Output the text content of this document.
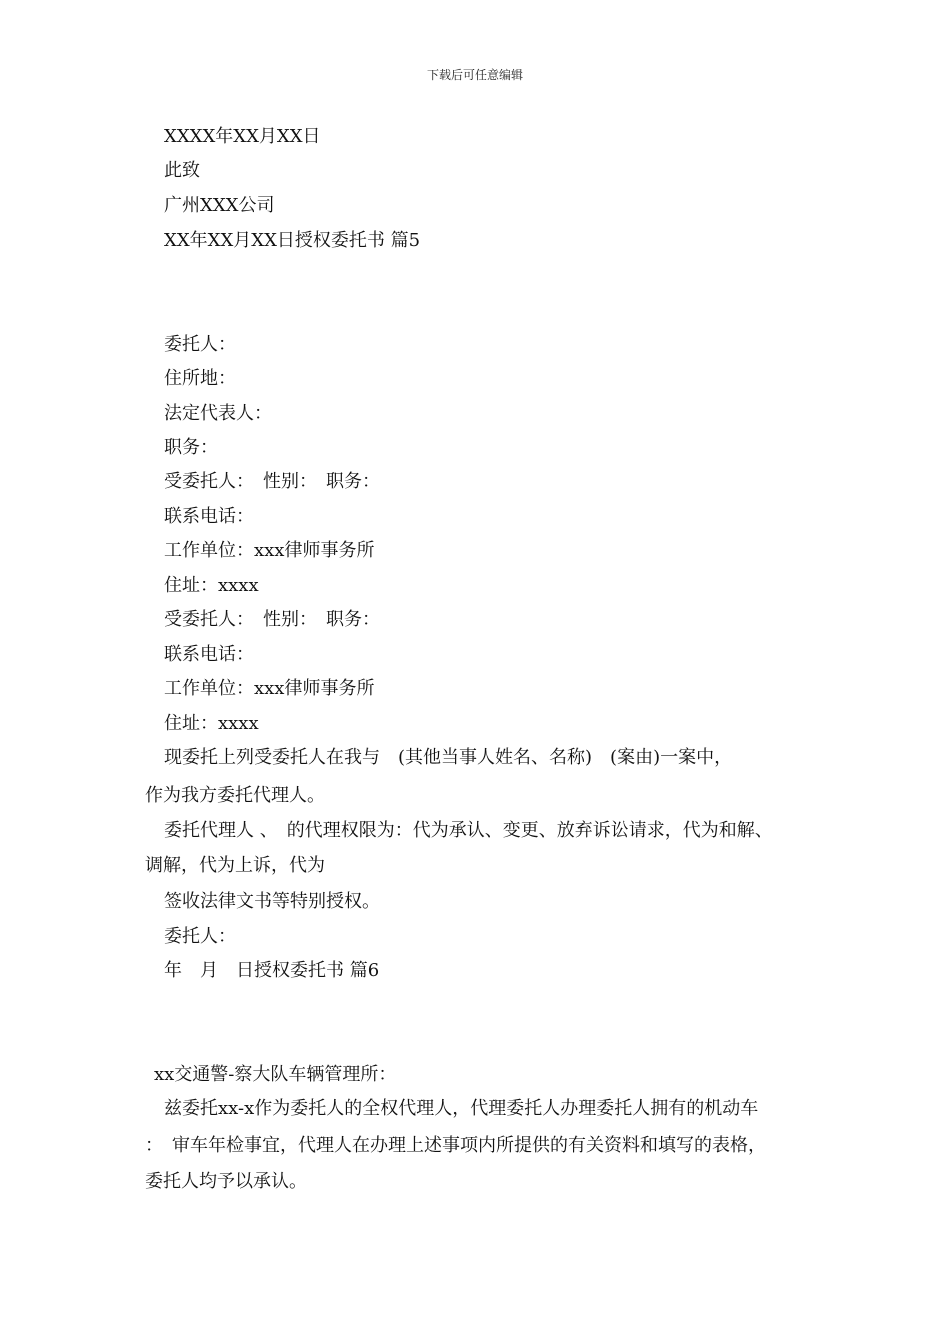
下载后可任意编辑
XXXX年XX月XX日
此致
广州XXX公司
XX年XX月XX日授权委托书 篇5
委托人：
住所地：
法定代表人：
职务：
受委托人：　性别：　职务：
联系电话：
工作单位：xxx律师事务所
住址：xxxx
受委托人：　性别：　职务：
联系电话：
工作单位：xxx律师事务所
住址：xxxx
现委托上列受委托人在我与　(其他当事人姓名、名称)　(案由)一案中，
作为我方委托代理人。
委托代理人 、　的代理权限为：代为承认、变更、放弃诉讼请求，代为和解、
调解，代为上诉，代为
签收法律文书等特别授权。
委托人：
年　月　日授权委托书 篇6
xx交通警-察大队车辆管理所：
兹委托xx-x作为委托人的全权代理人，代理委托人办理委托人拥有的机动车
：　审车年检事宜，代理人在办理上述事项内所提供的有关资料和填写的表格，
委托人均予以承认。
